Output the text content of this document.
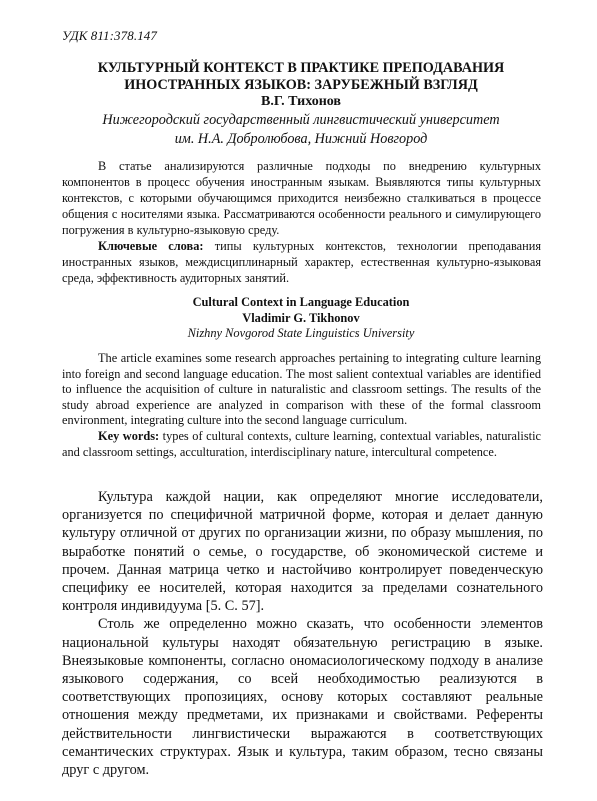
УДК 811:378.147
КУЛЬТУРНЫЙ КОНТЕКСТ В ПРАКТИКЕ ПРЕПОДАВАНИЯ ИНОСТРАННЫХ ЯЗЫКОВ: ЗАРУБЕЖНЫЙ ВЗГЛЯД
В.Г. Тихонов
Нижегородский государственный лингвистический университет
им. Н.А. Добролюбова, Нижний Новгород

В статье анализируются различные подходы по внедрению культурных компонентов в процесс обучения иностранным языкам. Выявляются типы культурных контекстов, с которыми обучающимся приходится неизбежно сталкиваться в процессе общения с носителями языка. Рассматриваются особенности реального и симулирующего погружения в культурно-языковую среду.

Ключевые слова: типы культурных контекстов, технологии преподавания иностранных языков, междисциплинарный характер, естественная культурно-языковая среда, эффективность аудиторных занятий.

Cultural Context in Language Education
Vladimir G. Tikhonov
Nizhny Novgorod State Linguistics University

The article examines some research approaches pertaining to integrating culture learning into foreign and second language education. The most salient contextual variables are identified to influence the acquisition of culture in naturalistic and classroom settings. The results of the study abroad experience are analyzed in comparison with these of the formal classroom environment, integrating culture into the second language curriculum.

Key words: types of cultural contexts, culture learning, contextual variables, naturalistic and classroom settings, acculturation, interdisciplinary nature, intercultural competence.

Культура каждой нации, как определяют многие исследователи, организуется по специфичной матричной форме, которая и делает данную культуру отличной от других по организации жизни, по образу мышления, по выработке понятий о семье, о государстве, об экономической системе и прочем. Данная матрица четко и настойчиво контролирует поведенческую специфику ее носителей, которая находится за пределами сознательного контроля индивидуума [5. С. 57].

Столь же определенно можно сказать, что особенности элементов национальной культуры находят обязательную регистрацию в языке. Внеязыковые компоненты, согласно ономасиологическому подходу в анализе языкового содержания, со всей необходимостью реализуются в соответствующих пропозициях, основу которых составляют реальные отношения между предметами, их признаками и свойствами. Референты действительности лингвистически выражаются в соответствующих семантических структурах. Язык и культура, таким образом, тесно связаны друг с другом.
